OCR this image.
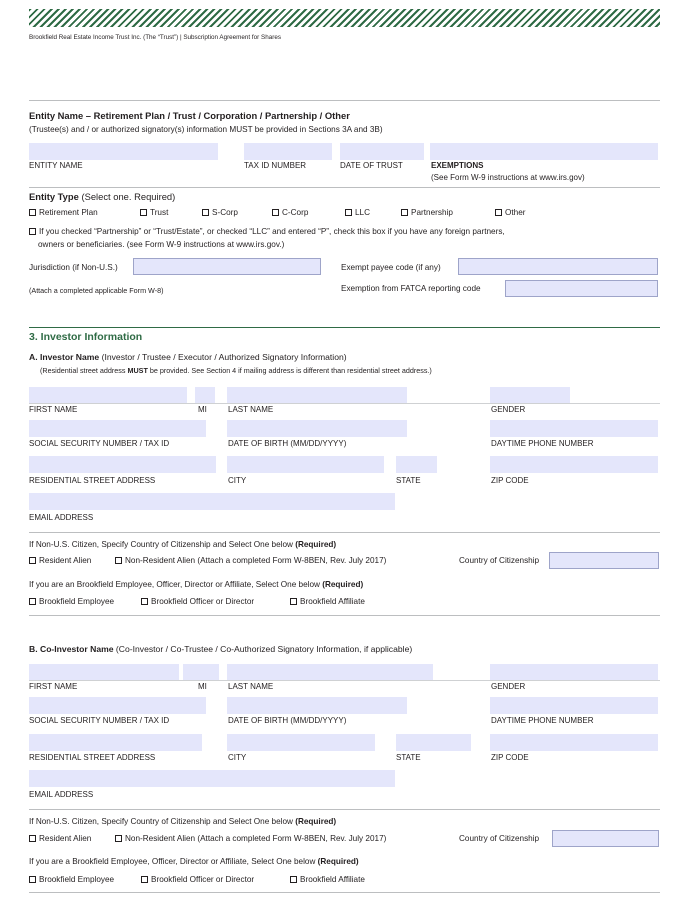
Brookfield Real Estate Income Trust Inc. (The “Trust”) | Subscription Agreement for Shares
Entity Name – Retirement Plan / Trust / Corporation / Partnership / Other
(Trustee(s) and / or authorized signatory(s) information MUST be provided in Sections 3A and 3B)
ENTITY NAME	TAX ID NUMBER	DATE OF TRUST	EXEMPTIONS
(See Form W-9 instructions at www.irs.gov)
Entity Type (Select one. Required)
Retirement Plan	Trust	S-Corp	C-Corp	LLC	Partnership	Other
If you checked “Partnership” or “Trust/Estate”, or checked “LLC” and entered “P”, check this box if you have any foreign partners,
owners or beneficiaries. (see Form W-9 instructions at www.irs.gov.)
Jurisdiction (if Non-U.S.)	Exempt payee code (if any)
(Attach a completed applicable Form W-8)	Exemption from FATCA reporting code
3. Investor Information
A. Investor Name (Investor / Trustee / Executor / Authorized Signatory Information)
(Residential street address MUST be provided. See Section 4 if mailing address is different than residential street address.)
FIRST NAME	MI	LAST NAME	GENDER
SOCIAL SECURITY NUMBER / TAX ID	DATE OF BIRTH (MM/DD/YYYY)	DAYTIME PHONE NUMBER
RESIDENTIAL STREET ADDRESS	CITY	STATE	ZIP CODE
EMAIL ADDRESS
If Non-U.S. Citizen, Specify Country of Citizenship and Select One below (Required)
Resident Alien	Non-Resident Alien (Attach a completed Form W-8BEN, Rev. July 2017)	Country of Citizenship
If you are an Brookfield Employee, Officer, Director or Affiliate, Select One below (Required)
Brookfield Employee	Brookfield Officer or Director	Brookfield Affiliate
B. Co-Investor Name (Co-Investor / Co-Trustee / Co-Authorized Signatory Information, if applicable)
FIRST NAME	MI	LAST NAME	GENDER
SOCIAL SECURITY NUMBER / TAX ID	DATE OF BIRTH (MM/DD/YYYY)	DAYTIME PHONE NUMBER
RESIDENTIAL STREET ADDRESS	CITY	STATE	ZIP CODE
EMAIL ADDRESS
If Non-U.S. Citizen, Specify Country of Citizenship and Select One below (Required)
Resident Alien	Non-Resident Alien (Attach a completed Form W-8BEN, Rev. July 2017)	Country of Citizenship
If you are a Brookfield Employee, Officer, Director or Affiliate, Select One below (Required)
Brookfield Employee	Brookfield Officer or Director	Brookfield Affiliate
